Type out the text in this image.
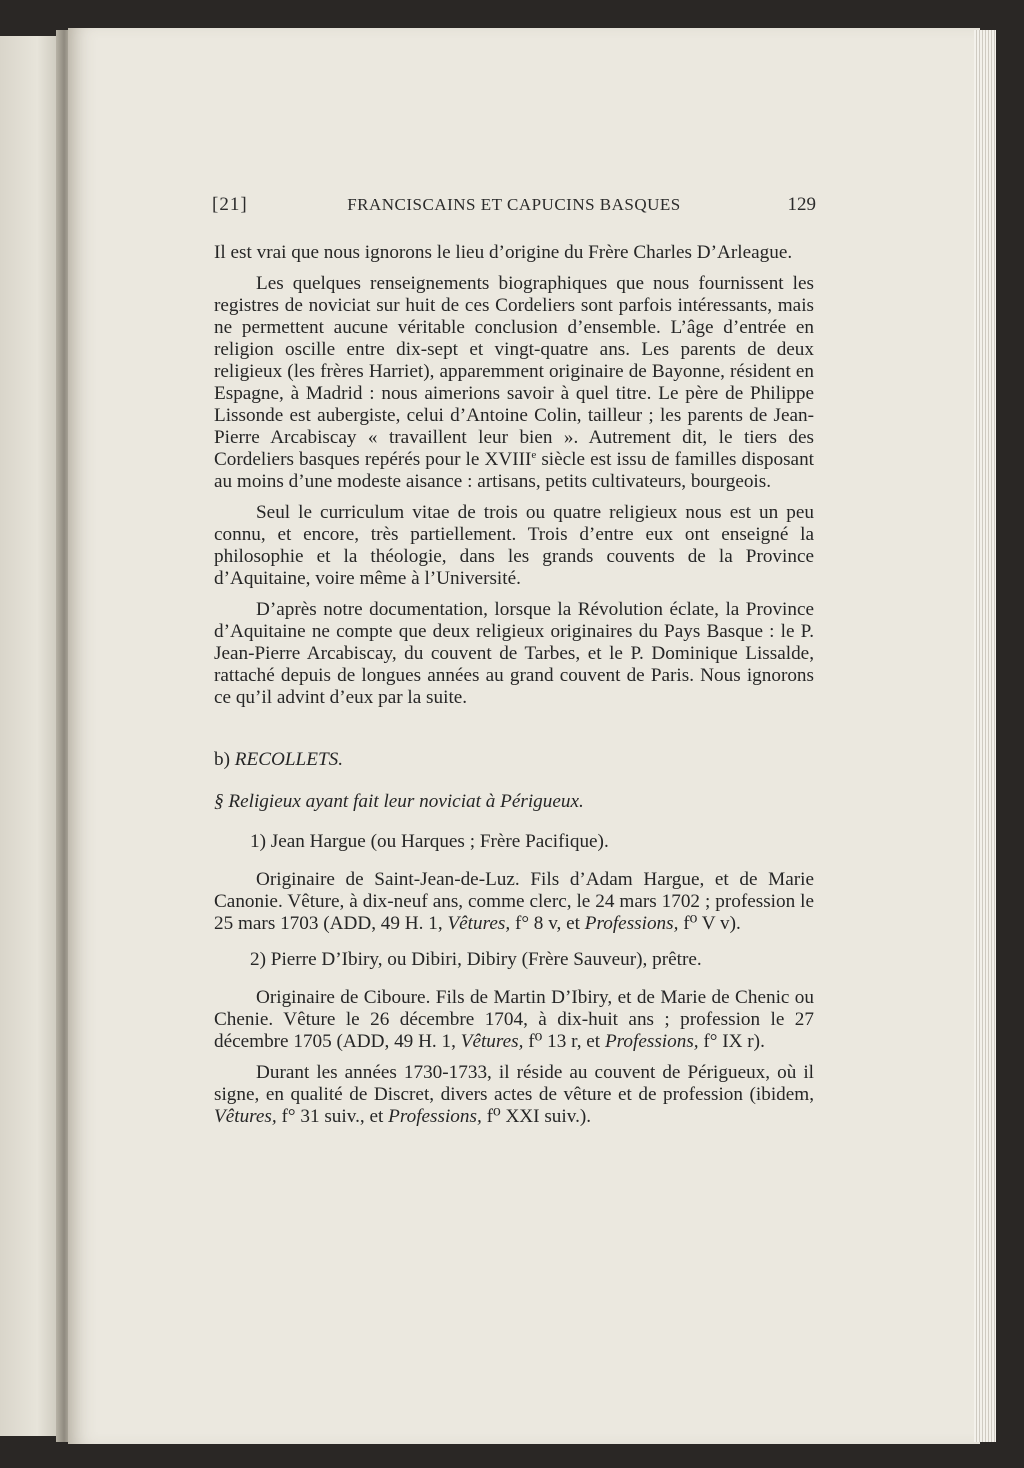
[21]	FRANCISCAINS ET CAPUCINS BASQUES	129

Il est vrai que nous ignorons le lieu d’origine du Frère Charles D’Arleague.

Les quelques renseignements biographiques que nous fournissent les registres de noviciat sur huit de ces Cordeliers sont parfois intéressants, mais ne permettent aucune véritable conclusion d’ensemble. L’âge d’entrée en religion oscille entre dix-sept et vingt-quatre ans. Les parents de deux religieux (les frères Harriet), apparemment originaire de Bayonne, résident en Espagne, à Madrid : nous aimerions savoir à quel titre. Le père de Philippe Lissonde est aubergiste, celui d’Antoine Colin, tailleur ; les parents de Jean-Pierre Arcabiscay « travaillent leur bien ». Autrement dit, le tiers des Cordeliers basques repérés pour le XVIIIe siècle est issu de familles disposant au moins d’une modeste aisance : artisans, petits cultivateurs, bourgeois.

Seul le curriculum vitae de trois ou quatre religieux nous est un peu connu, et encore, très partiellement. Trois d’entre eux ont enseigné la philosophie et la théologie, dans les grands couvents de la Province d’Aquitaine, voire même à l’Université.

D’après notre documentation, lorsque la Révolution éclate, la Province d’Aquitaine ne compte que deux religieux originaires du Pays Basque : le P. Jean-Pierre Arcabiscay, du couvent de Tarbes, et le P. Dominique Lissalde, rattaché depuis de longues années au grand couvent de Paris. Nous ignorons ce qu’il advint d’eux par la suite.

b) RECOLLETS.

§ Religieux ayant fait leur noviciat à Périgueux.

1) Jean Hargue (ou Harques ; Frère Pacifique).

Originaire de Saint-Jean-de-Luz. Fils d’Adam Hargue, et de Marie Canonie. Vêture, à dix-neuf ans, comme clerc, le 24 mars 1702 ; profession le 25 mars 1703 (ADD, 49 H. 1, Vêtures, f° 8 v, et Professions, f⁰ V v).

2) Pierre D’Ibiry, ou Dibiri, Dibiry (Frère Sauveur), prêtre.

Originaire de Ciboure. Fils de Martin D’Ibiry, et de Marie de Chenic ou Chenie. Vêture le 26 décembre 1704, à dix-huit ans ; profession le 27 décembre 1705 (ADD, 49 H. 1, Vêtures, f⁰ 13 r, et Professions, f° IX r).

Durant les années 1730-1733, il réside au couvent de Périgueux, où il signe, en qualité de Discret, divers actes de vêture et de profession (ibidem, Vêtures, f° 31 suiv., et Professions, f⁰ XXI suiv.).
